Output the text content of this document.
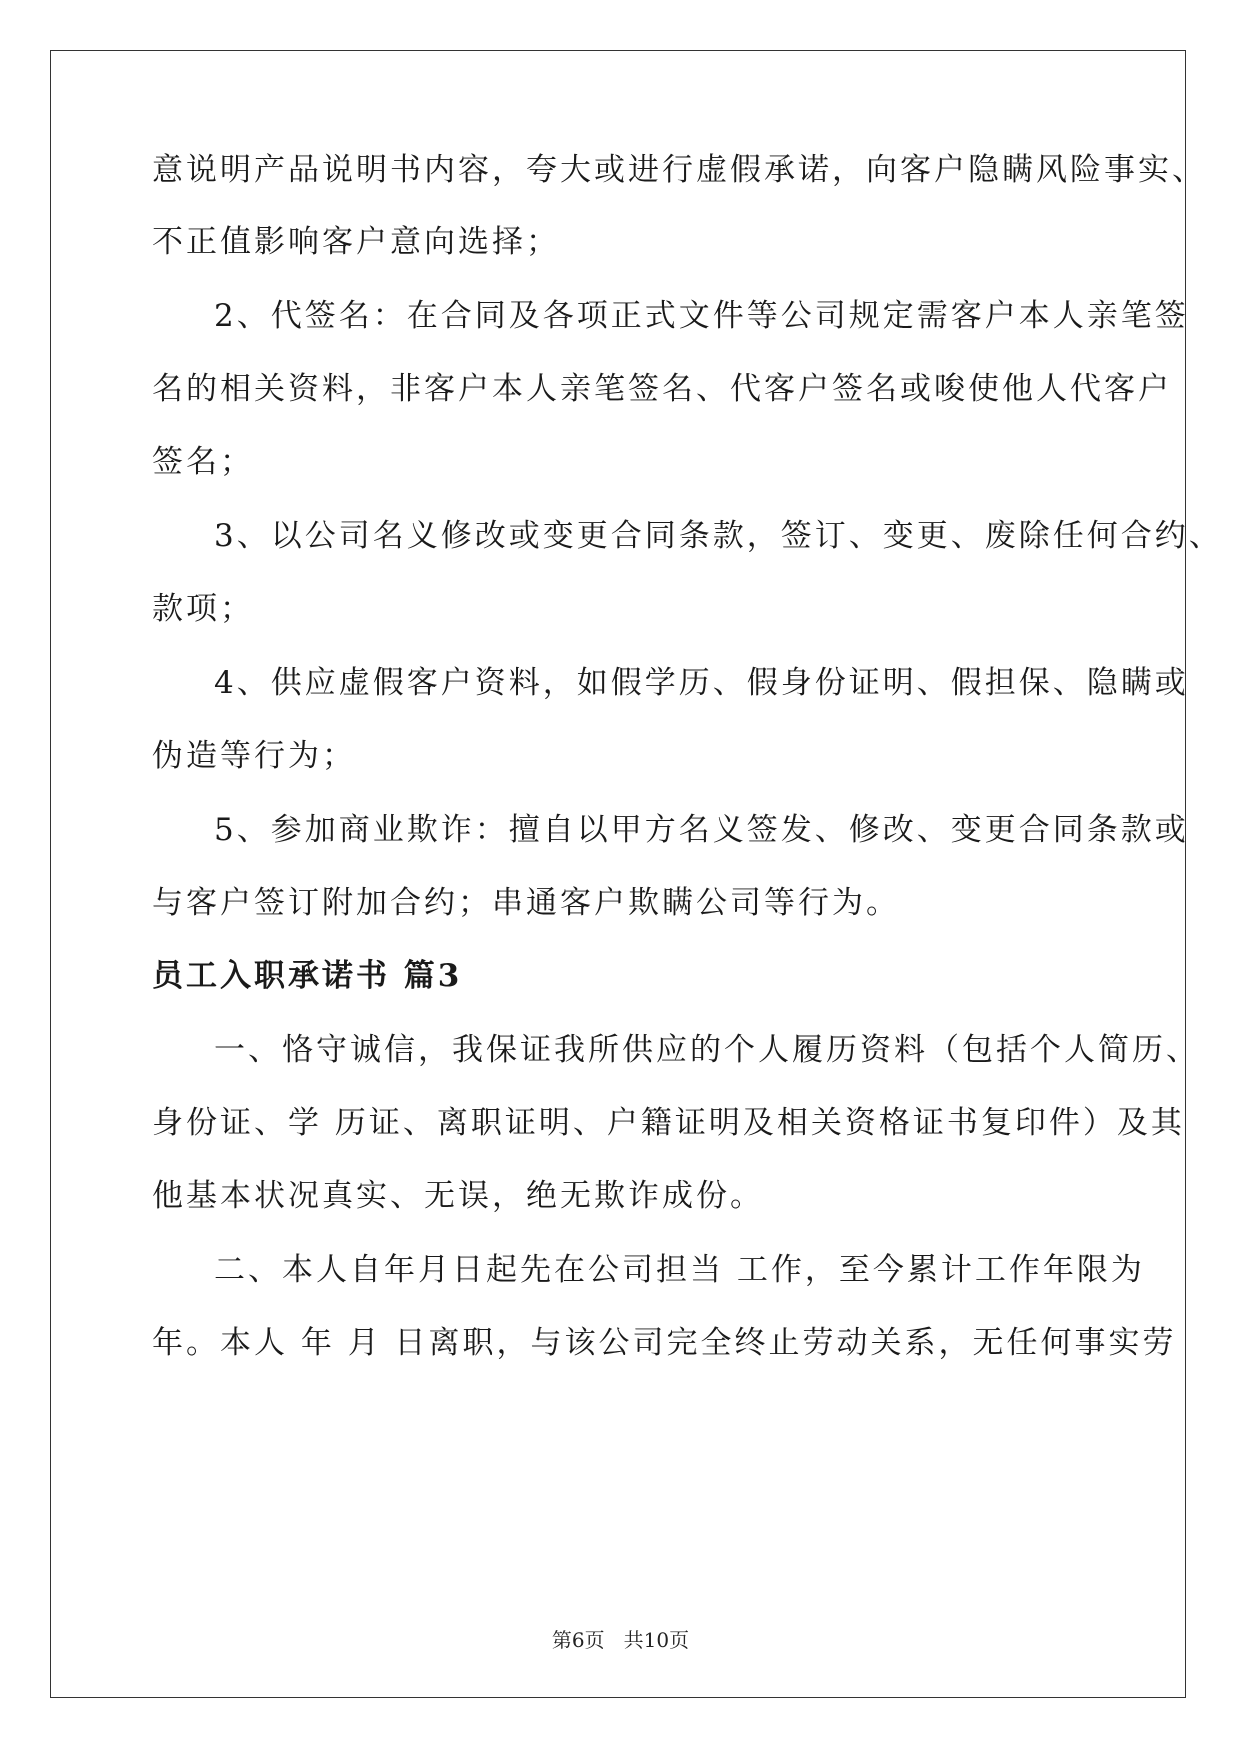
意说明产品说明书内容，夸大或进行虚假承诺，向客户隐瞒风险事实、

不正值影响客户意向选择；

2、代签名：在合同及各项正式文件等公司规定需客户本人亲笔签

名的相关资料，非客户本人亲笔签名、代客户签名或唆使他人代客户

签名；

3、以公司名义修改或变更合同条款，签订、变更、废除任何合约、

款项；

4、供应虚假客户资料，如假学历、假身份证明、假担保、隐瞒或

伪造等行为；

5、参加商业欺诈：擅自以甲方名义签发、修改、变更合同条款或

与客户签订附加合约；串通客户欺瞒公司等行为。

员工入职承诺书 篇3

一、恪守诚信，我保证我所供应的个人履历资料（包括个人简历、

身份证、学 历证、离职证明、户籍证明及相关资格证书复印件）及其

他基本状况真实、无误，绝无欺诈成份。

二、本人自年月日起先在公司担当 工作，至今累计工作年限为

年。本人 年 月 日离职，与该公司完全终止劳动关系，无任何事实劳

第6页   共10页
